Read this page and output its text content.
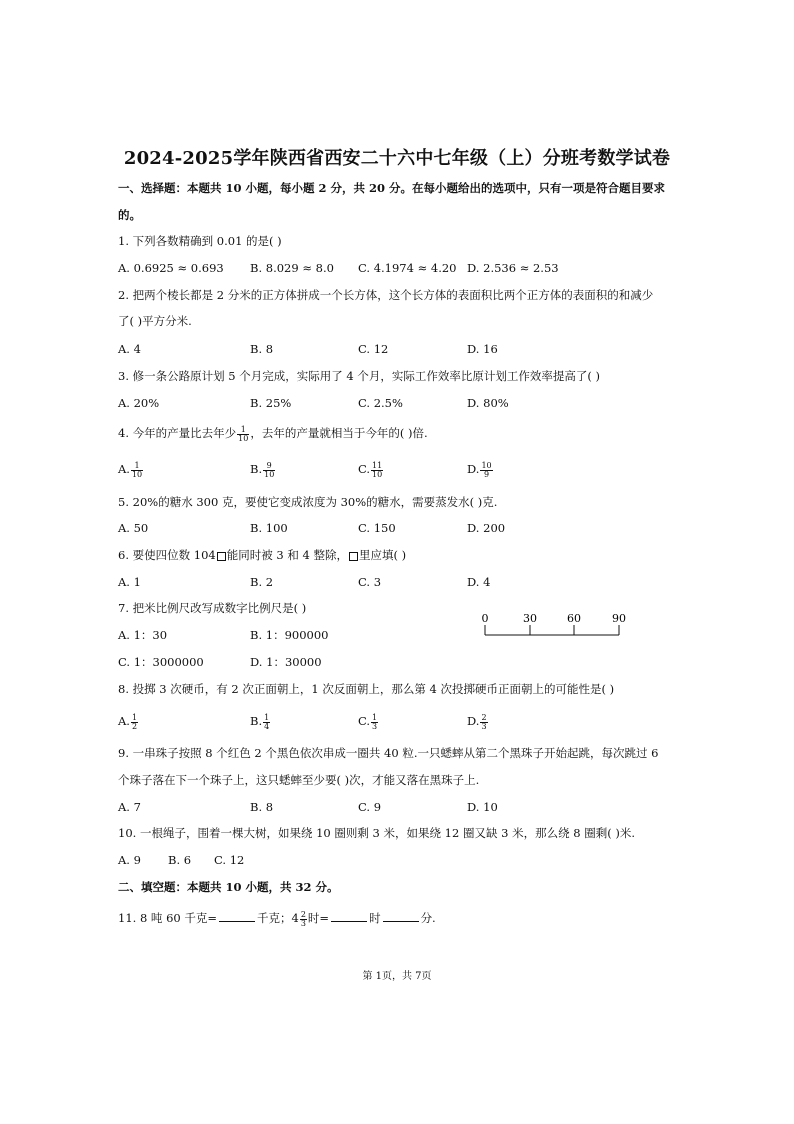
2024-2025学年陕西省西安二十六中七年级（上）分班考数学试卷
一、选择题：本题共 10 小题，每小题 2 分，共 20 分。在每小题给出的选项中，只有一项是符合题目要求
的。
1. 下列各数精确到 0.01 的是( )
A. 0.6925 ≈ 0.693 B. 8.029 ≈ 8.0 C. 4.1974 ≈ 4.20 D. 2.536 ≈ 2.53
2. 把两个棱长都是 2 分米的正方体拼成一个长方体，这个长方体的表面积比两个正方体的表面积的和减少
了( )平方分米.
A. 4	B. 8	C. 12	D. 16
3. 修一条公路原计划 5 个月完成，实际用了 4 个月，实际工作效率比原计划工作效率提高了( )
A. 20%	B. 25%	C. 2.5%	D. 80%
4. 今年的产量比去年少 $\frac{1}{10}$ ，去年的产量就相当于今年的( )倍.
A. $\frac{1}{10}$	B. $\frac{9}{10}$	C. $\frac{11}{10}$	D. $\frac{10}{9}$
5. 20%的糖水 300 克，要使它变成浓度为 30%的糖水，需要蒸发水( )克.
A. 50	B. 100	C. 150	D. 200
6. 要使四位数 104 能同时被 3 和 4 整除， 里应填( )
A. 1	B. 2	C. 3	D. 4
7. 把米比例尺改写成数字比例尺是( )
A. 1：30	B. 1：900000
C. 1：3000000	D. 1：30000
0	30	60	90
8. 投掷 3 次硬币，有 2 次正面朝上，1 次反面朝上，那么第 4 次投掷硬币正面朝上的可能性是( )
A. $\frac{1}{2}$	B. $\frac{1}{4}$	C. $\frac{1}{3}$	D. $\frac{2}{3}$
9. 一串珠子按照 8 个红色 2 个黑色依次串成一圈共 40 粒.一只蟋蟀从第二个黑珠子开始起跳，每次跳过 6
个珠子落在下一个珠子上，这只蟋蟀至少要( )次，才能又落在黑珠子上.
A. 7	B. 8	C. 9	D. 10
10. 一根绳子，围着一棵大树，如果绕 10 圈则剩 3 米，如果绕 12 圈又缺 3 米，那么绕 8 圈剩( )米.
A. 9 B. 6 C. 12
二、填空题：本题共 10 小题，共 32 分。
11. 8 吨 60 千克=	千克；$4 \frac{2}{3}$ 时=	时	分.
第 1页，共 7页
